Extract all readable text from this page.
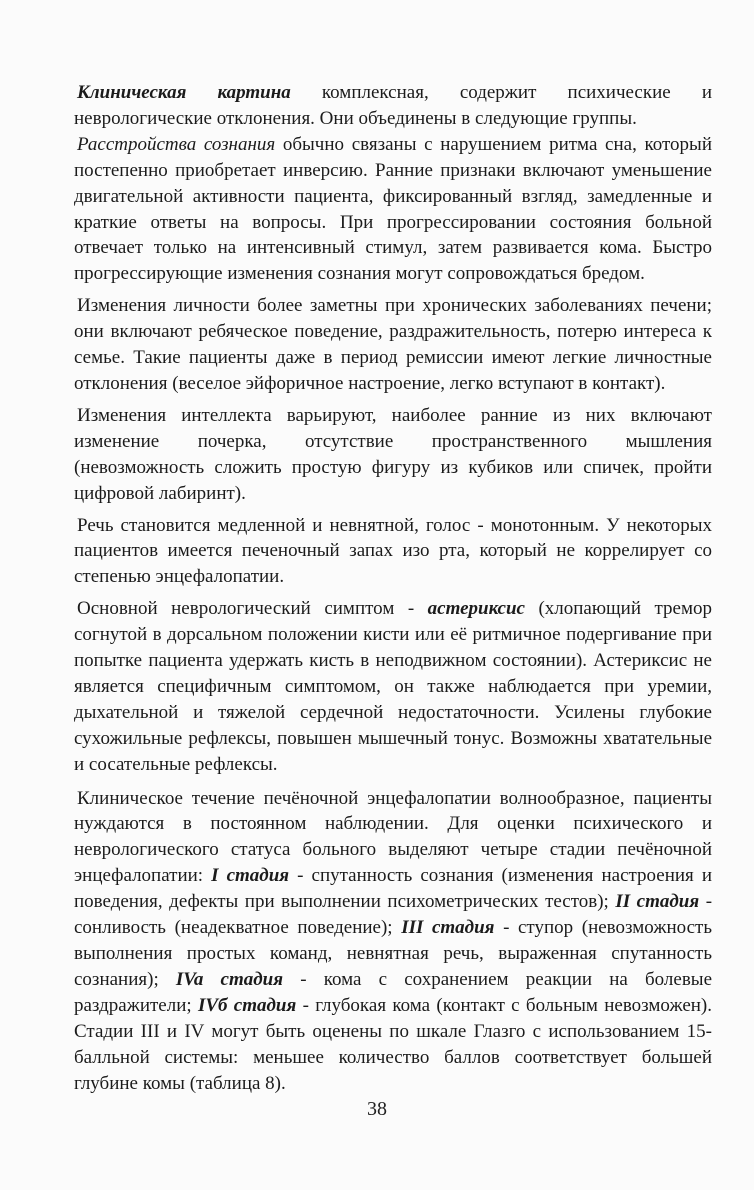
Клиническая картина комплексная, содержит психические и неврологические отклонения. Они объединены в следующие группы.

Расстройства сознания обычно связаны с нарушением ритма сна, который постепенно приобретает инверсию. Ранние признаки включают уменьшение двигательной активности пациента, фиксированный взгляд, замедленные и краткие ответы на вопросы. При прогрессировании состояния больной отвечает только на интенсивный стимул, затем развивается кома. Быстро прогрессирующие изменения сознания могут сопровождаться бредом.

Изменения личности более заметны при хронических заболеваниях печени; они включают ребяческое поведение, раздражительность, потерю интереса к семье. Такие пациенты даже в период ремиссии имеют легкие личностные отклонения (веселое эйфоричное настроение, легко вступают в контакт).

Изменения интеллекта варьируют, наиболее ранние из них включают изменение почерка, отсутствие пространственного мышления (невозможность сложить простую фигуру из кубиков или спичек, пройти цифровой лабиринт).

Речь становится медленной и невнятной, голос - монотонным. У некоторых пациентов имеется печеночный запах изо рта, который не коррелирует со степенью энцефалопатии.

Основной неврологический симптом - астериксис (хлопающий тремор согнутой в дорсальном положении кисти или её ритмичное подергивание при попытке пациента удержать кисть в неподвижном состоянии). Астериксис не является специфичным симптомом, он также наблюдается при уремии, дыхательной и тяжелой сердечной недостаточности. Усилены глубокие сухожильные рефлексы, повышен мышечный тонус. Возможны хватательные и сосательные рефлексы.

Клиническое течение печёночной энцефалопатии волнообразное, пациенты нуждаются в постоянном наблюдении. Для оценки психического и неврологического статуса больного выделяют четыре стадии печёночной энцефалопатии: I стадия - спутанность сознания (изменения настроения и поведения, дефекты при выполнении психометрических тестов); II стадия - сонливость (неадекватное поведение); III стадия - ступор (невозможность выполнения простых команд, невнятная речь, выраженная спутанность сознания); IVa стадия - кома с сохранением реакции на болевые раздражители; IVб стадия - глубокая кома (контакт с больным невозможен). Стадии III и IV могут быть оценены по шкале Глазго с использованием 15-балльной системы: меньшее количество баллов соответствует большей глубине комы (таблица 8).

38
